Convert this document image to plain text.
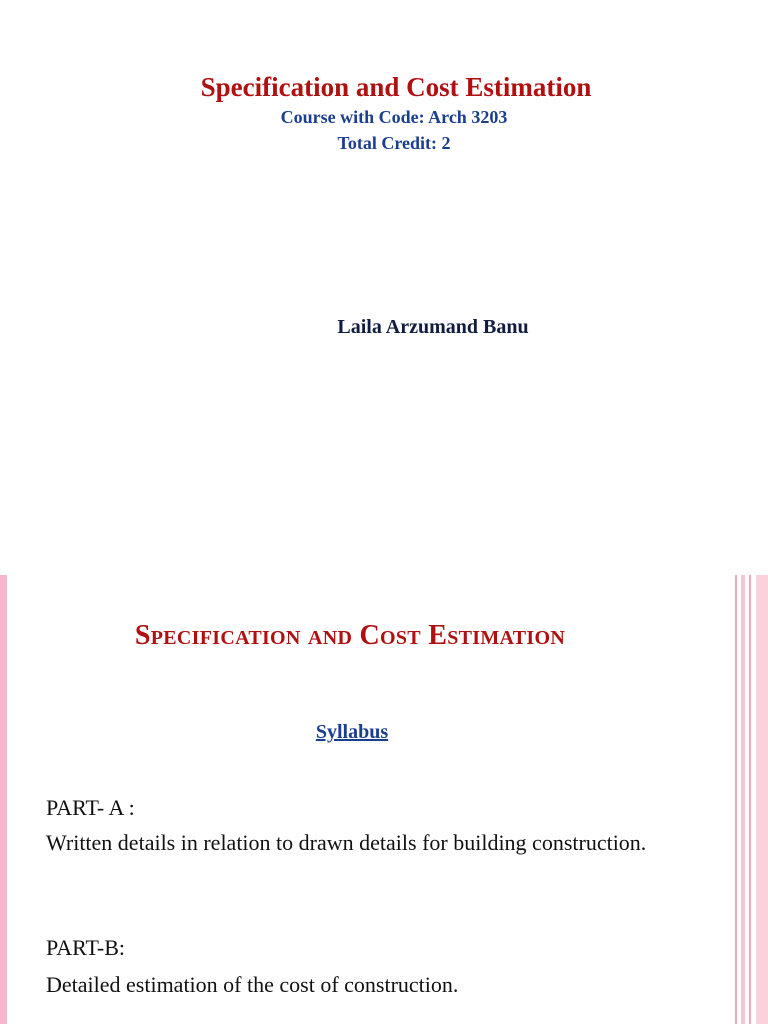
Specification and Cost Estimation

Course with Code: Arch 3203

Total Credit: 2

Laila Arzumand Banu

Specification and Cost Estimation

Syllabus

PART- A :

Written details in relation to drawn details for building construction.

PART-B:

Detailed estimation of the cost of construction.
